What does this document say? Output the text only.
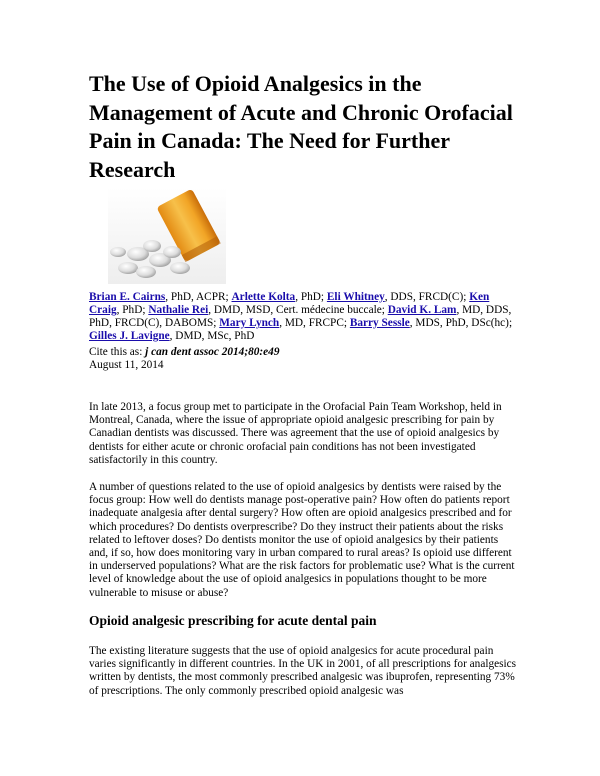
The Use of Opioid Analgesics in the Management of Acute and Chronic Orofacial Pain in Canada: The Need for Further Research
Brian E. Cairns, PhD, ACPR; Arlette Kolta, PhD; Eli Whitney, DDS, FRCD(C); Ken Craig, PhD; Nathalie Rei, DMD, MSD, Cert. médecine buccale; David K. Lam, MD, DDS, PhD, FRCD(C), DABOMS; Mary Lynch, MD, FRCPC; Barry Sessle, MDS, PhD, DSc(hc); Gilles J. Lavigne, DMD, MSc, PhD
Cite this as: j can dent assoc 2014;80:e49
August 11, 2014

In late 2013, a focus group met to participate in the Orofacial Pain Team Workshop, held in Montreal, Canada, where the issue of appropriate opioid analgesic prescribing for pain by Canadian dentists was discussed. There was agreement that the use of opioid analgesics by dentists for either acute or chronic orofacial pain conditions has not been investigated satisfactorily in this country.

A number of questions related to the use of opioid analgesics by dentists were raised by the focus group: How well do dentists manage post-operative pain? How often do patients report inadequate analgesia after dental surgery? How often are opioid analgesics prescribed and for which procedures? Do dentists overprescribe? Do they instruct their patients about the risks related to leftover doses? Do dentists monitor the use of opioid analgesics by their patients and, if so, how does monitoring vary in urban compared to rural areas? Is opioid use different in underserved populations? What are the risk factors for problematic use? What is the current level of knowledge about the use of opioid analgesics in populations thought to be more vulnerable to misuse or abuse?

Opioid analgesic prescribing for acute dental pain

The existing literature suggests that the use of opioid analgesics for acute procedural pain varies significantly in different countries. In the UK in 2001, of all prescriptions for analgesics written by dentists, the most commonly prescribed analgesic was ibuprofen, representing 73% of prescriptions. The only commonly prescribed opioid analgesic was
